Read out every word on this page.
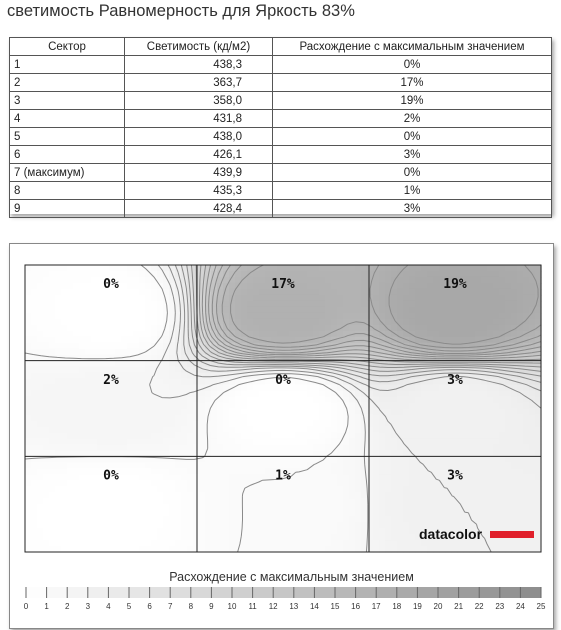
светимость Равномерность для Яркость 83%
Сектор	Светимость (кд/м2)	Расхождение с максимальным значением
1	438,3	0%
2	363,7	17%
3	358,0	19%
4	431,8	2%
5	438,0	0%
6	426,1	3%
7 (максимум)	439,9	0%
8	435,3	1%
9	428,4	3%
0%	17%	19%
2%	0%	3%
0%	1%	3%
datacolor
Расхождение с максимальным значением
0 1 2 3 4 5 6 7 8 9 10 11 12 13 14 15 16 17 18 19 20 21 22 23 24 25
